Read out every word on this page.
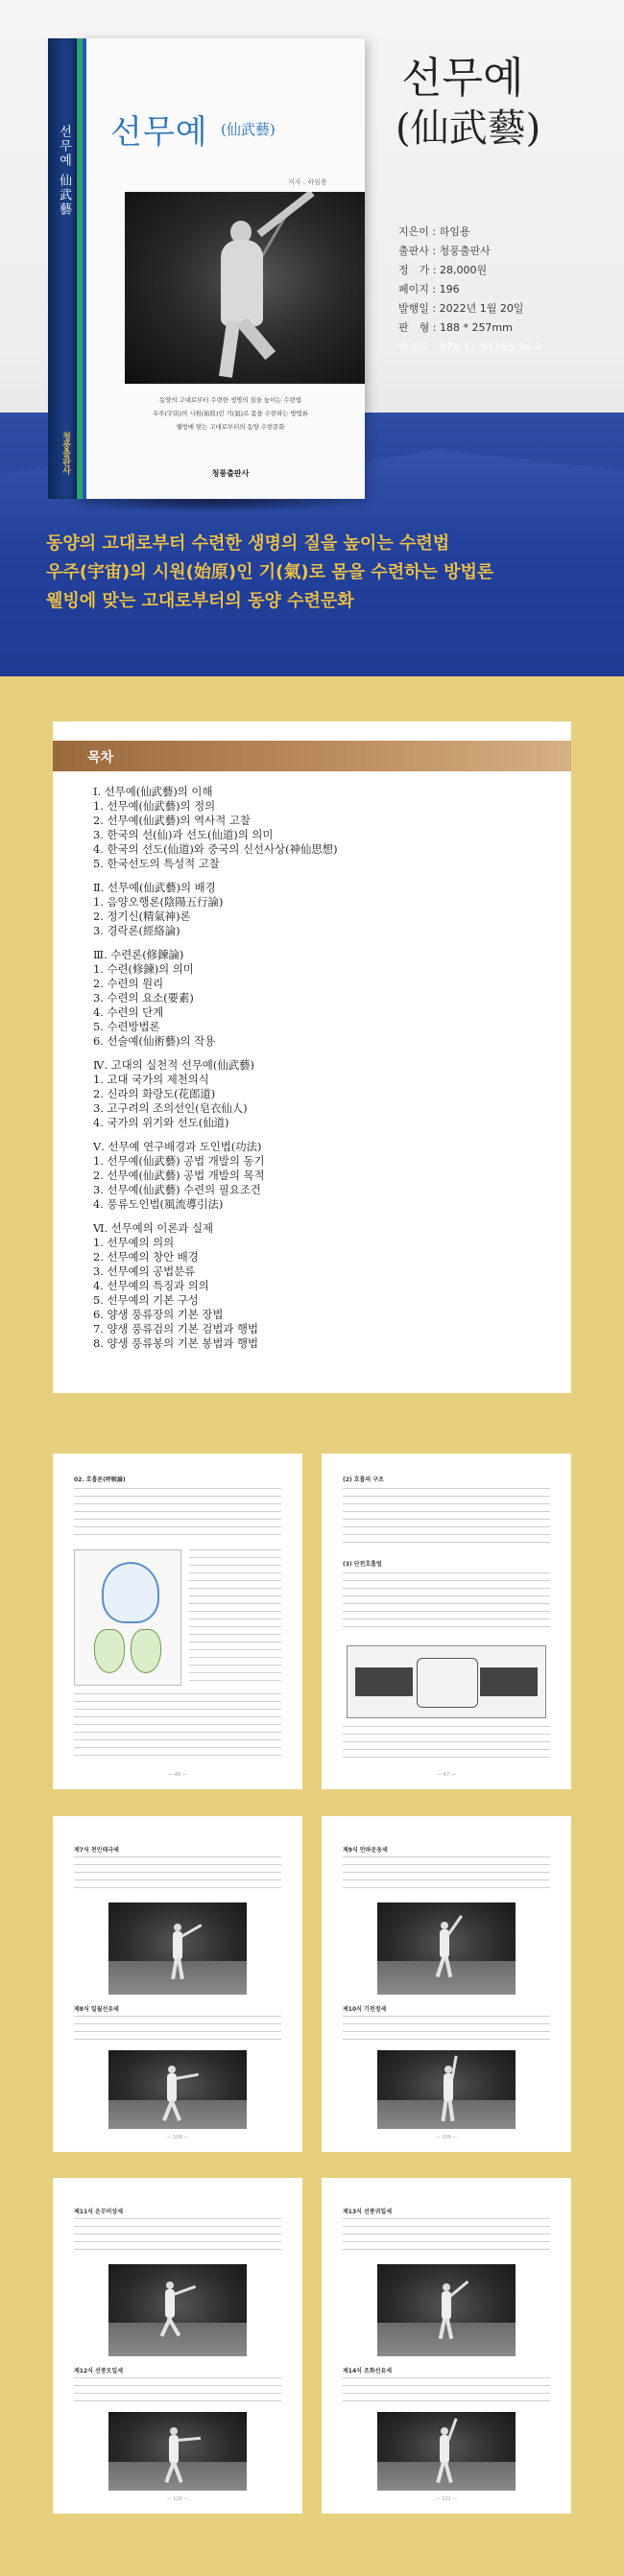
선무예 仙武藝
청풍출판사
선무예 (仙武藝)
저자 : 하임용
동양의 고대로부터 수련한 생명의 질을 높이는 수련법
우주(宇宙)의 시원(始原)인 기(氣)로 몸을 수련하는 방법론
웰빙에 맞는 고대로부터의 동양 수련문화
청풍출판사
선무예
(仙武藝)
지은이 : 하임용
출판사 : 청풍출판사
정　가 : 28,000원
페이지 : 196
발행일 : 2022년 1월 20일
판　형 : 188 * 257mm
바코드 : 979-11-91163-54-4
동양의 고대로부터 수련한 생명의 질을 높이는 수련법
우주(宇宙)의 시원(始原)인 기(氣)로 몸을 수련하는 방법론
웰빙에 맞는 고대로부터의 동양 수련문화
목차
Ⅰ. 선무예(仙武藝)의 이해
1. 선무예(仙武藝)의 정의
2. 선무예(仙武藝)의 역사적 고찰
3. 한국의 선(仙)과 선도(仙道)의 의미
4. 한국의 선도(仙道)와 중국의 신선사상(神仙思想)
5. 한국선도의 특성적 고찰
Ⅱ. 선무예(仙武藝)의 배경
1. 음양오행론(陰陽五行論)
2. 정기신(精氣神)론
3. 경락론(經絡論)
Ⅲ. 수련론(修鍊論)
1. 수련(修鍊)의 의미
2. 수련의 원리
3. 수련의 요소(要素)
4. 수련의 단계
5. 수련방법론
6. 선술예(仙術藝)의 작용
Ⅳ. 고대의 실천적 선무예(仙武藝)
1. 고대 국가의 제천의식
2. 신라의 화랑도(花郎道)
3. 고구려의 조의선인(皂衣仙人)
4. 국가의 위기와 선도(仙道)
Ⅴ. 선무예 연구배경과 도인법(功法)
1. 선무예(仙武藝) 공법 개발의 동기
2. 선무예(仙武藝) 공법 개발의 목적
3. 선무예(仙武藝) 수련의 필요조건
4. 풍류도인법(風流導引法)
Ⅵ. 선무예의 이론과 실제
1. 선무예의 의의
2. 선무예의 창안 배경
3. 선무예의 공법분류
4. 선무예의 특징과 의의
5. 선무예의 기본 구성
6. 양생 풍류장의 기본 장법
7. 양생 풍류검의 기본 검법과 행법
8. 양생 풍류봉의 기본 봉법과 행법
02. 호흡론(呼吸論)
— 46 —
(2) 호흡의 구조
(3) 단전호흡법
— 47 —
제7식 천인태극세
제8식 일월선유세
— 108 —
제9식 만파운동세
제10식 기천정세
— 109 —
제11식 운무비상세
제12식 선풍모일세
— 120 —
제13식 선풍귀일세
제14식 조화선유세
— 121 —
